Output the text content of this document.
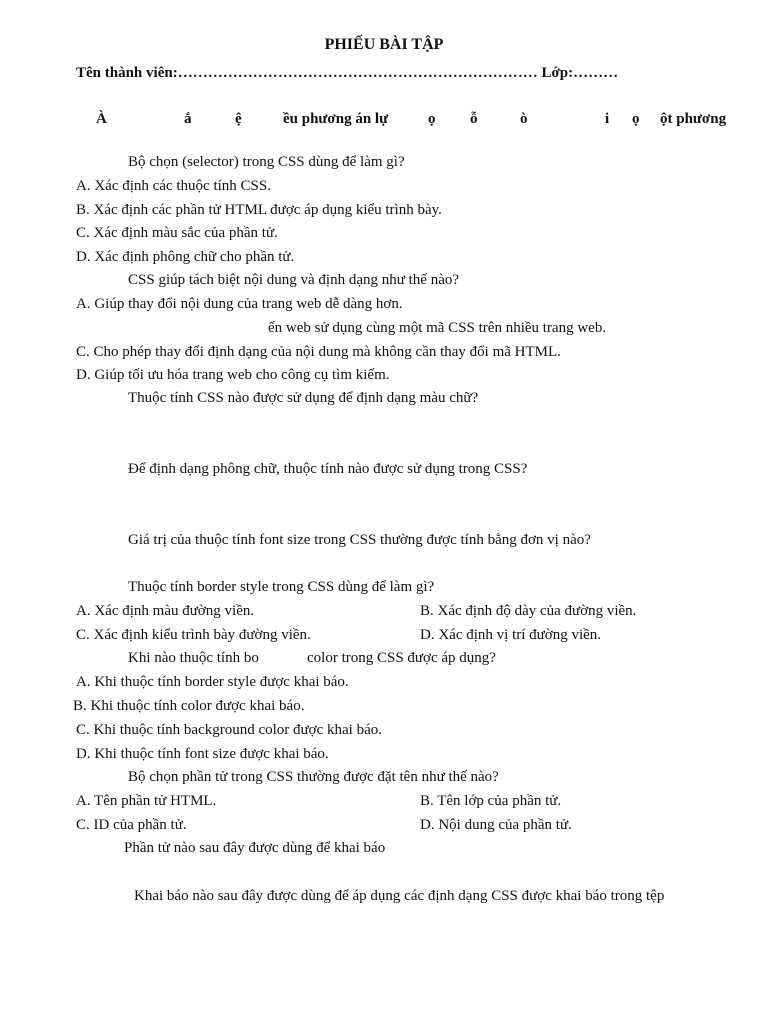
PHIẾU BÀI TẬP
Tên thành viên:……………………………………………………………… Lớp:………
À	ắ	ệ	ều phương án lự	ọ ỗ	ò	i ọ ột phương
Bộ chọn (selector) trong CSS dùng để làm gì?
A. Xác định các thuộc tính CSS.
B. Xác định các phần tử HTML được áp dụng kiểu trình bày.
C. Xác định màu sắc của phần tử.
D. Xác định phông chữ cho phần tử.
CSS giúp tách biệt nội dung và định dạng như thế nào?
A. Giúp thay đổi nội dung của trang web dễ dàng hơn.
ển web sử dụng cùng một mã CSS trên nhiều trang web.
C. Cho phép thay đổi định dạng của nội dung mà không cần thay đổi mã HTML.
D. Giúp tối ưu hóa trang web cho công cụ tìm kiếm.
Thuộc tính CSS nào được sử dụng để định dạng màu chữ?
Để định dạng phông chữ, thuộc tính nào được sử dụng trong CSS?
Giá trị của thuộc tính font size trong CSS thường được tính bằng đơn vị nào?
Thuộc tính border style trong CSS dùng để làm gì?
A. Xác định màu đường viền.	B. Xác định độ dày của đường viền.
C. Xác định kiểu trình bày đường viền.	D. Xác định vị trí đường viền.
Khi nào thuộc tính bo	color trong CSS được áp dụng?
A. Khi thuộc tính border style được khai báo.
B. Khi thuộc tính color được khai báo.
C. Khi thuộc tính background color được khai báo.
D. Khi thuộc tính font size được khai báo.
Bộ chọn phần tử trong CSS thường được đặt tên như thế nào?
A. Tên phần tử HTML.	B. Tên lớp của phần tử.
C. ID của phần tử.	D. Nội dung của phần tử.
Phần tử nào sau đây được dùng để khai báo
Khai báo nào sau đây được dùng để áp dụng các định dạng CSS được khai báo trong tệp
